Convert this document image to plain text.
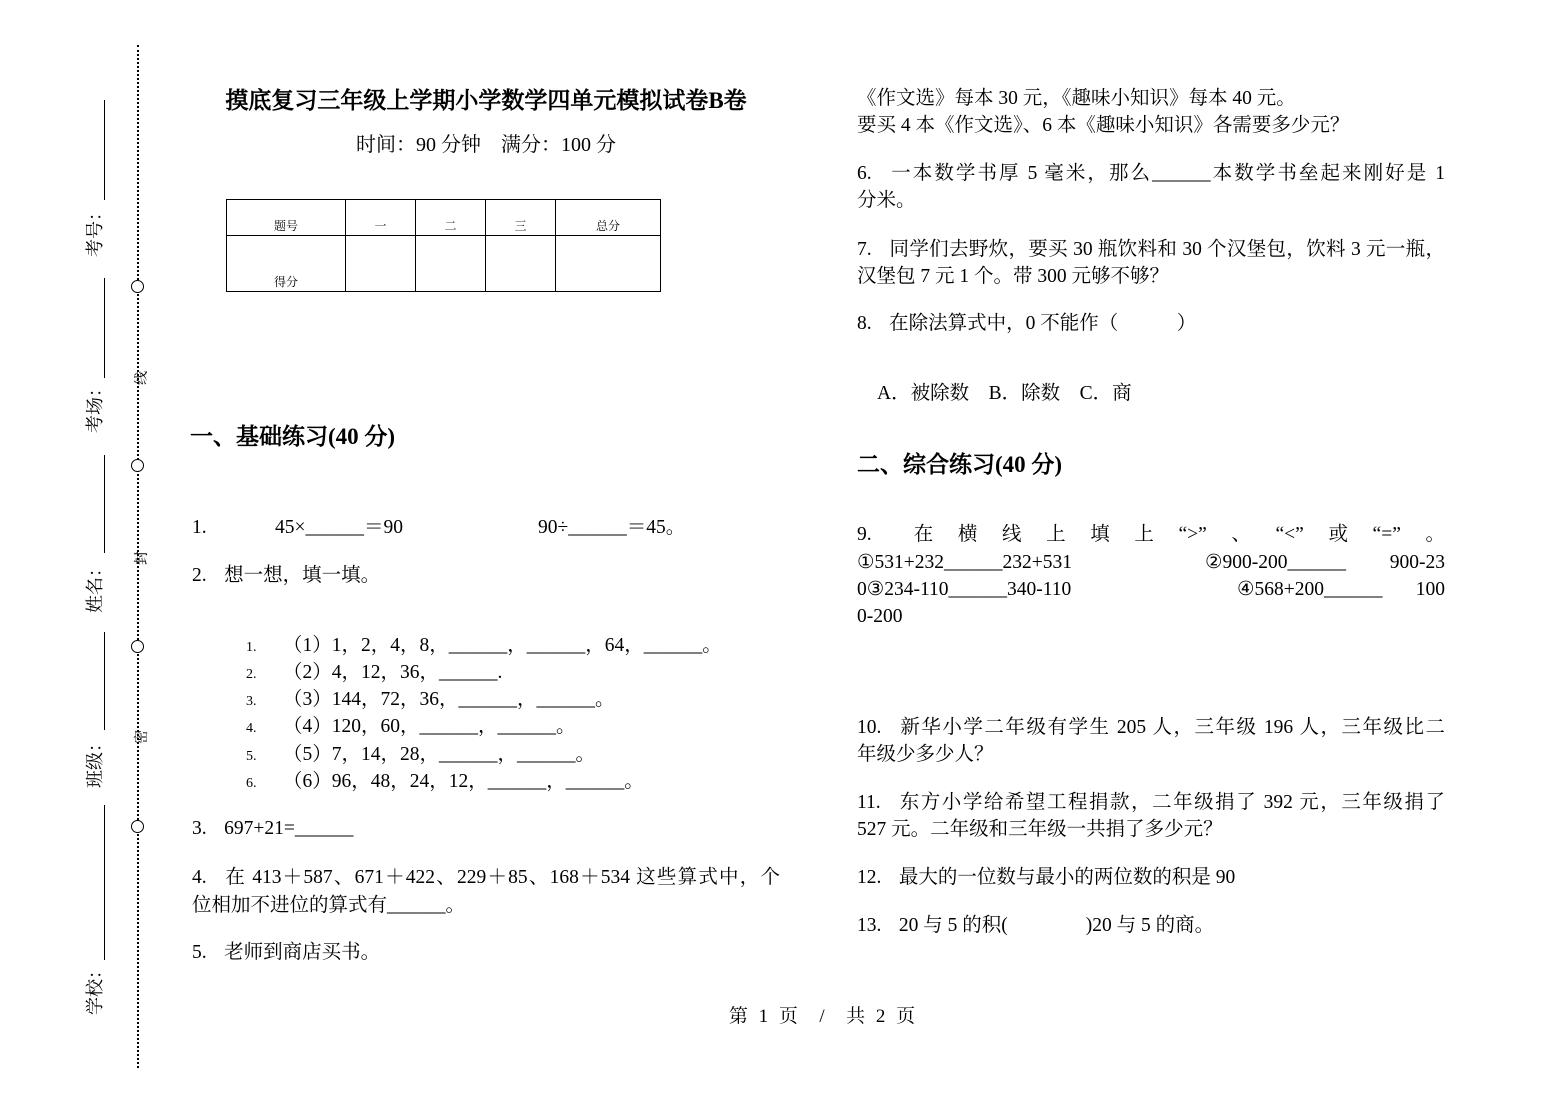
线
封
密
考号：
考场：
姓名：
班级：
学校：
摸底复习三年级上学期小学数学四单元模拟试卷B卷
时间：90 分钟　满分：100 分
题号	一	二	三	总分
得分				
一、基础练习(40 分)
1.	45×______＝90	90÷______＝45。
2. 想一想，填一填。
1. （1）1，2，4，8，______，______，64，______。
2. （2）4，12，36，______.
3. （3）144，72，36，______，______。
4. （4）120，60，______，______。
5. （5）7，14，28，______，______。
6. （6）96，48，24，12，______，______。
3. 697+21=______
4. 在 413＋587、671＋422、229＋85、168＋534 这些算式中，个
位相加不进位的算式有______。
5. 老师到商店买书。
《作文选》每本 30 元，《趣味小知识》每本 40 元。
要买 4 本《作文选》、6 本《趣味小知识》各需要多少元？
6. 一本数学书厚 5 毫米，那么______本数学书垒起来刚好是 1
分米。
7. 同学们去野炊，要买 30 瓶饮料和 30 个汉堡包，饮料 3 元一瓶，
汉堡包 7 元 1 个。带 300 元够不够？
8. 在除法算式中，0 不能作（　　　）
A．被除数　B．除数　C．商
二、综合练习(40 分)
9. 在横线上填上“>”、“<”或“=”。
①531+232______232+531	②900-200______	900-23
0③234-110______340-110	④568+200______	100
0-200
10. 新华小学二年级有学生 205 人，三年级 196 人，三年级比二
年级少多少人？
11. 东方小学给希望工程捐款，二年级捐了 392 元，三年级捐了
527 元。二年级和三年级一共捐了多少元？
12. 最大的一位数与最小的两位数的积是 90
13. 20 与 5 的积(　　　　)20 与 5 的商。
第 1 页  /  共 2 页
